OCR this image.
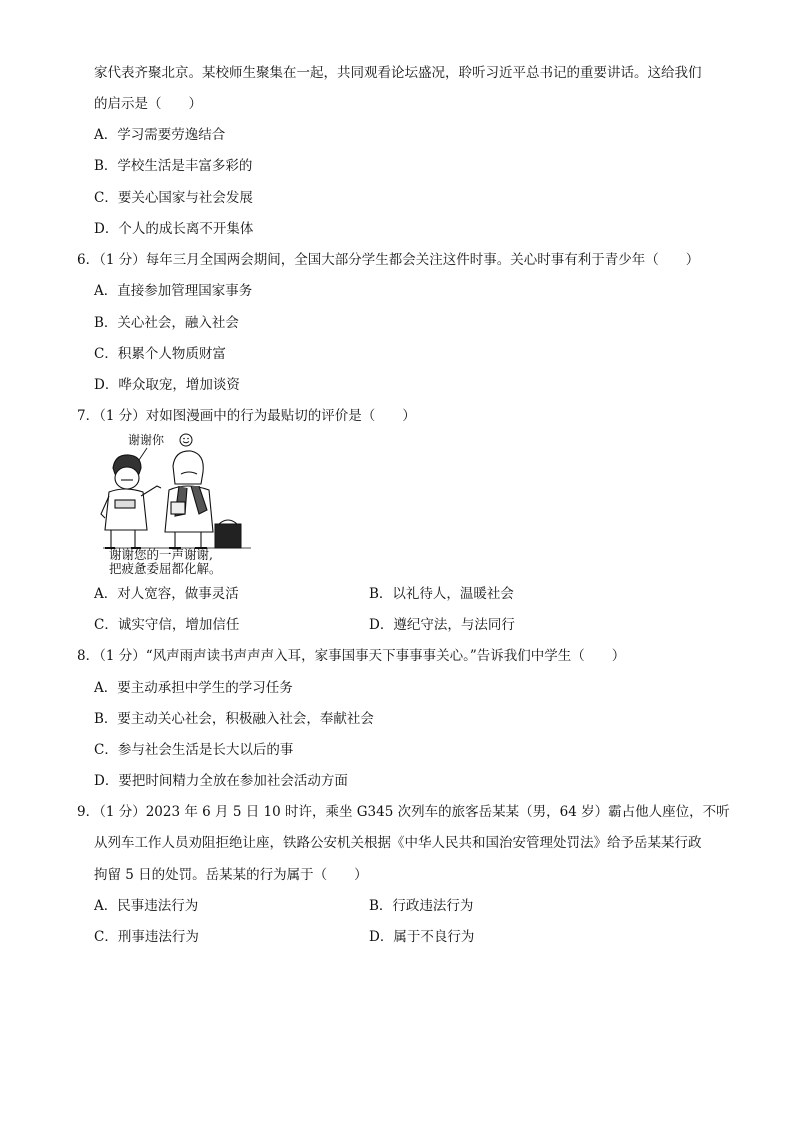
家代表齐聚北京。某校师生聚集在一起，共同观看论坛盛况，聆听习近平总书记的重要讲话。这给我们
的启示是（　　）
A．学习需要劳逸结合
B．学校生活是丰富多彩的
C．要关心国家与社会发展
D．个人的成长离不开集体
6．（1 分）每年三月全国两会期间，全国大部分学生都会关注这件时事。关心时事有利于青少年（　　）
A．直接参加管理国家事务
B．关心社会，融入社会
C．积累个人物质财富
D．哗众取宠，增加谈资
7．（1 分）对如图漫画中的行为最贴切的评价是（　　）
谢谢你
谢谢您的一声谢谢,
把疲惫委屈都化解。
A．对人宽容，做事灵活	B．以礼待人，温暖社会
C．诚实守信，增加信任	D．遵纪守法，与法同行
8．（1 分）“风声雨声读书声声声入耳，家事国事天下事事事关心。”告诉我们中学生（　　）
A．要主动承担中学生的学习任务
B．要主动关心社会，积极融入社会，奉献社会
C．参与社会生活是长大以后的事
D．要把时间精力全放在参加社会活动方面
9．（1 分）2023 年 6 月 5 日 10 时许，乘坐 G345 次列车的旅客岳某某（男，64 岁）霸占他人座位，不听
从列车工作人员劝阻拒绝让座，铁路公安机关根据《中华人民共和国治安管理处罚法》给予岳某某行政
拘留 5 日的处罚。岳某某的行为属于（　　）
A．民事违法行为	B．行政违法行为
C．刑事违法行为	D．属于不良行为
